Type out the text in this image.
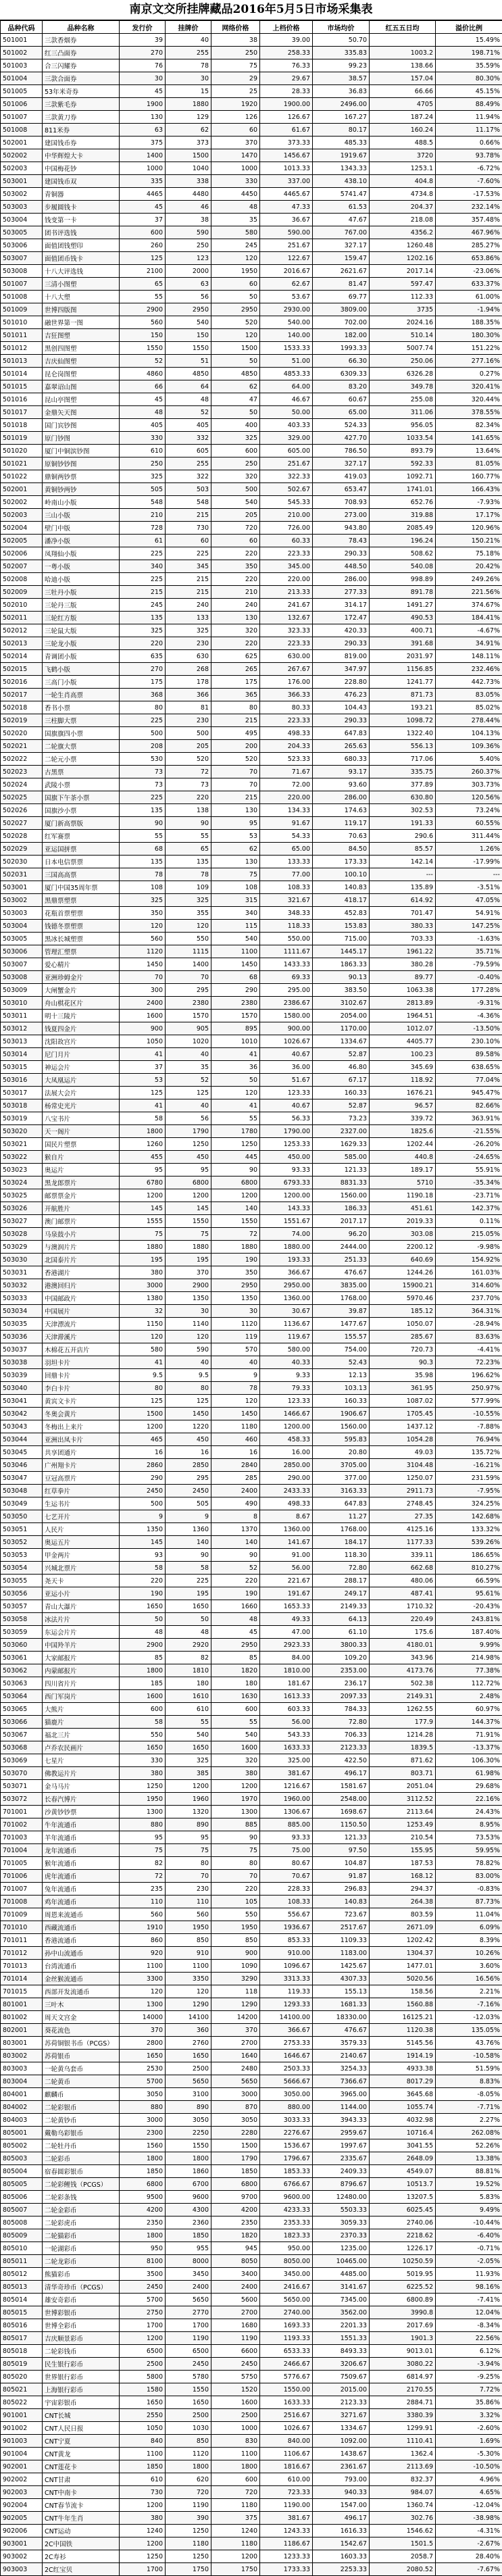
南京文交所挂牌藏品2016年5月5日市场采集表
品种代码	品种名称	发行价	挂牌价	网络价格	上档价格	市场均价	红五五日均	溢价比例
501001	三款香烟券	39	40	38	39.00	50.70		15.49%
501002	红三凸面券	270	255	250	258.33	335.83	1003.2	198.71%
501003	合三闪耀券	76	78	75	76.33	99.23	138.66	35.59%
501004	三款合面券	30	30	29	29.67	38.57	157.04	80.30%
501005	53年米奇券	45	15	25	28.33	36.83	66.66	45.15%
501006	三款紫毛券	1900	1880	1920	1900.00	2496.00	4705	88.49%
501007	三款黄刀券	130	129	126	126.67	167.27	187.24	11.94%
501008	811米券	63	62	60	61.67	80.17	160.24	11.17%
502001	建国钱币券	375	373	370	373.33	485.33	488.5	0.66%
502002	中华辉煌大卡	1400	1500	1470	1456.67	1919.67	3720	93.78%
502003	中国梅花钞	1000	1040	1000	1013.33	1343.33	1253.1	-6.72%
503001	建国钱币双	335	338	330	337.00	438.10	404.8	-7.60%
503002	青铜器	4465	4480	4450	4465.67	5741.47	4734.8	-17.53%
503003	步履圆钱卡	45	46	48	47.33	61.53	204.37	232.14%
503004	钱变第一卡	37	38	35	36.67	47.67	218.08	357.48%
503005	团书评选钱	600	590	580	590.00	767.00	4356.2	467.96%
503006	面值团钱塑印	260	250	245	251.67	327.17	1260.48	285.27%
503007	面值团币钱卡	125	123	120	122.67	159.47	1202.16	653.86%
503008	十八大评选钱	2100	2000	1950	2016.67	2621.67	2017.14	-23.06%
501007	三清小图塑	65	63	60	62.67	81.47	597.47	633.37%
501008	十八大塑	55	56	50	53.67	69.77	112.33	61.00%
501009	世博四版图	2900	2950	2950	2930.00	3809.00	3735	-1.94%
501010	融世界第一图	560	540	520	540.00	702.00	2024.16	188.35%
501011	吉狂图塑	150	150	120	140.00	182.00	510.14	180.30%
501012	黑创四图塑	1550	1550	1500	1533.33	1993.33	5007.74	151.22%
501013	吉庆仙图塑	52	51	50	51.00	66.30	250.06	277.16%
501014	昆仑岗图塑	4860	4850	4850	4853.33	6309.33	6326.28	0.27%
501015	嘉翠诏山图	66	64	62	64.00	83.20	349.78	320.41%
501016	昆山亭图塑	45	48	47	46.67	60.67	255.08	320.44%
501017	金鼎矢天图	48	52	50	50.00	65.00	311.06	378.55%
501018	国门宾钞图	405	405	400	403.33	524.33	956.05	82.34%
501019	原门钞图	330	332	325	329.00	427.70	1033.54	141.65%
501020	厦门中铜滨钞图	610	605	600	605.00	786.50	893.79	13.64%
501021	原铜钞钞图	250	255	250	251.67	327.17	592.33	81.05%
501022	鼎铜两钞票	325	322	320	322.33	419.03	1092.71	160.77%
502001	黄铜钞两钞	505	503	500	502.67	653.47	1741.01	166.43%
502002	岭南山小版	548	548	540	545.33	708.93	652.76	-7.93%
502003	三山小版	210	215	205	210.00	273.00	319.88	17.17%
502004	壁门中版	728	730	720	726.00	943.80	2085.49	120.96%
502005	潘净小版	61	60	60	60.33	78.43	196.24	150.21%
502006	凤翔仙小版	225	225	220	223.33	290.33	508.62	75.18%
502007	一粤小版	340	345	350	345.00	448.50	540.08	20.42%
502008	哈迪小版	225	215	220	220.00	286.00	998.89	249.26%
502009	三牡丹小版	215	215	210	213.33	277.33	891.78	221.56%
502010	三轮丹三版	245	240	240	241.67	314.17	1491.27	374.67%
502011	三轮红方版	135	133	130	132.67	172.47	490.53	184.41%
502012	三轮鼠大版	325	325	320	323.33	420.33	400.71	-4.67%
502013	三轮龙小版	220	230	220	223.33	290.33	391.68	34.91%
502014	青调团小版	635	630	625	630.00	819.00	2031.97	148.11%
502015	飞鹤小版	270	268	265	267.67	347.97	1156.85	232.46%
502016	三高门小版	175	178	175	176.00	228.80	1241.77	442.73%
502017	一轮生肖高票	368	366	365	366.33	476.23	871.73	83.05%
502018	香书小票	80	81	80	80.33	104.43	193.21	85.02%
502019	三柱脚大票	225	230	215	223.33	290.33	1098.72	278.44%
502020	国旗旗四小票	500	500	495	498.33	647.83	1322.40	104.13%
502021	二轮旗大票	208	205	200	204.33	265.63	556.13	109.36%
502022	二轮元小票	530	520	520	523.33	680.33	717.06	5.40%
502023	古黑票	73	72	70	71.67	93.17	335.75	260.37%
502024	武陵小票	73	73	70	72.00	93.60	377.89	303.73%
502025	国旗下午茶小票	225	220	215	220.00	286.00	630.80	120.56%
502026	国旗沙小票	135	138	130	134.33	174.63	302.53	73.24%
502027	厦门新高票版	90	90	95	91.67	119.17	191.33	60.55%
502028	红军赛票	55	55	53	54.33	70.63	290.6	311.44%
502029	亚运国拼票	68	65	62	65.00	84.50	85.57	1.26%
502030	日本电信票票	135	135	130	133.33	173.33	142.14	-17.99%
502031	三国高高票	78	78	75	77.00	100.10	---	---
503001	厦门中国35周年票	108	109	108	108.33	140.83	135.89	-3.51%
503002	黑鼎票塑票	325	325	315	321.67	418.17	614.92	47.05%
503003	花瓶首票塑票	350	355	340	348.33	452.83	701.47	54.91%
503004	钱德冬票塑票	120	120	115	118.33	153.83	380.33	147.25%
503005	黑冰长城塑票	560	550	540	550.00	715.00	703.33	-1.63%
503006	管理汇塑票	1120	1115	1100	1111.67	1445.17	1961.22	35.71%
503007	爱心精片	1450	1400	1450	1433.33	1863.33	380.28	-79.59%
503008	亚洲珍姆金片	70	70	68	69.33	90.13	89.77	-0.40%
503009	大闸蟹金片	300	295	290	295.00	383.50	1063.38	177.28%
503010	舟山棋花区片	2400	2380	2380	2386.67	3102.67	2813.89	-9.31%
503011	明十三陵片	1600	1570	1570	1580.00	2054.00	1964.51	-4.36%
503012	钱夏四金片	900	905	895	900.00	1170.00	1012.07	-13.50%
503013	沈阳故宫片	1050	1020	1010	1026.67	1334.67	4405.77	230.10%
503014	尼门月片	41	40	41	40.67	52.87	100.23	89.58%
503015	神运会片	37	35	36	36.00	46.80	345.69	638.65%
503016	大凤凰运片	53	52	50	51.67	67.17	118.92	77.04%
503017	法展大会片	125	125	120	123.33	160.33	1676.21	945.47%
503018	杨常史光片	41	40	41	40.67	52.87	96.57	82.66%
503019	八宝书片	58	56	55	56.33	73.23	339.72	363.91%
503020	天一阁片	1800	1790	1780	1790.00	2327.00	1825.6	-21.55%
503021	国民片塑票	1260	1250	1250	1253.33	1629.33	1202.44	-26.20%
503022	猴自片	455	450	445	450.00	585.00	440.8	-24.65%
503023	奥运片	95	95	90	93.33	121.33	189.17	55.91%
503024	黑龙郎票片	6780	6800	6800	6793.33	8831.33	5710	-35.34%
503025	邮票票金片	1200	1200	1200	1200.00	1560.00	1190.18	-23.71%
503026	开航胜片	145	145	140	143.33	186.33	451.61	142.37%
503027	澳门邮票片	1555	1550	1550	1551.67	2017.17	2019.33	0.11%
503028	马泉鼓小片	75	75	72	74.00	96.20	303.08	215.05%
503029	与澳润片片	1880	1880	1880	1880.00	2444.00	2200.12	-9.98%
503030	北国泰片片	195	195	190	193.33	251.33	640.69	154.92%
503031	香港湖片	380	370	350	366.67	476.67	1244.26	161.03%
503032	港澳回归片	3000	2900	2950	2950.00	3835.00	15900.21	314.60%
503033	中国邮政片	1380	1350	1350	1360.00	1768.00	5970.46	237.70%
503034	中国展片	32	30	30	30.67	39.87	185.12	364.31%
503035	天津漂流片	1150	1140	1120	1136.67	1477.67	1050.07	-28.94%
503036	天津滞溪片	120	120	119	119.67	155.57	285.67	83.63%
503037	木棉花五开店片	580	590	570	580.00	754.00	720.73	-4.41%
503038	羽坦卡片	41	40	40	40.33	52.43	90.3	72.23%
503039	回鼎卡片	9.5	9.5	9	9.33	12.13	35.98	196.62%
503040	李白卡片	80	80	78	79.33	103.13	361.95	250.97%
503041	黄宾文卡片	125	125	120	123.33	160.33	1087.02	577.99%
503042	冬奥会黄片	1500	1450	1450	1466.67	1906.67	1705.45	-10.55%
503043	冬梅出上来片	1200	1220	1180	1200.00	1560.00	1437.12	-7.88%
503044	亚洲出凤卡片	465	450	460	458.33	595.83	1054.28	76.94%
503045	共享团通片	16	16	16	16.00	20.80	49.03	135.72%
503046	广州翔卡片	2860	2850	2840	2850.00	3705.00	3104.48	-16.21%
503047	豆冠高票片	290	295	285	290.00	377.00	1250.07	231.59%
503048	红草拳片	2450	2450	2400	2433.33	3163.33	2911.73	-7.95%
503049	生运书片	500	505	490	498.33	647.83	2748.45	324.25%
503050	七艺开片	9	9	8	8.67	11.27	27.35	142.68%
503051	人民片	1350	1360	1370	1360.00	1768.00	4125.16	133.32%
503052	奥运五片	145	140	140	141.67	184.17	1177.33	539.26%
503053	甲金两片	93	90	90	91.00	118.30	339.11	186.65%
503054	兴城北票片	58	58	52	56.00	72.80	662.68	810.27%
503055	尧天卡	220	225	220	221.67	288.17	480.06	66.59%
503056	亚运小片	190	195	190	191.67	249.17	487.41	95.61%
503057	青山大瀑片	1650	1650	1660	1653.33	2149.33	1710.32	-20.43%
503058	冰法片片	50	50	48	49.33	64.13	220.49	243.81%
503059	东运会片片	48	48	45	47.00	61.10	175.6	187.40%
503060	中国羚羊片	2900	2920	2950	2923.33	3800.33	4180.01	9.99%
503061	大家邮报片	85	82	85	84.00	109.20	343.96	214.98%
503062	内蒙邮报片	1800	1810	1820	1810.00	2353.00	4173.76	77.38%
503063	四川省片片	185	180	180	181.67	236.17	502.38	112.72%
503064	西门军岗片	1600	1610	1630	1613.33	2097.33	2149.31	2.48%
503065	大熊片	600	610	600	603.33	784.33	1262.55	60.97%
503066	猫鹿片	58	55	55	56.00	72.80	177.9	144.37%
503067	福北三片	550	540	540	543.33	706.33	1214.28	71.91%
503068	卢乔农民画片	1650	1650	1600	1633.33	2123.33	1839.5	-13.37%
503069	七星片	330	325	320	325.00	422.50	871.62	106.30%
503070	佛教运片片	380	385	380	381.67	496.17	803.71	61.98%
503071	金马马片	1250	1200	1200	1216.67	1581.67	2051.04	29.68%
503072	长春汽博片	1950	1960	1970	1960.00	2548.00	3112.52	22.16%
701001	沙黄钞钞票	1300	1320	1300	1306.67	1698.67	2113.64	24.43%
701002	牛年流通币	880	890	885	885.00	1150.50	1253.49	8.95%
701003	羊年流通币	95	95	90	93.33	121.33	210.54	73.53%
701004	龙年流通币	75	75	75	75.00	97.50	155.95	59.95%
701005	猴年流通币	82	80	80	80.67	104.87	187.53	78.82%
701006	虎年流通币	72	70	70	70.67	91.87	168.12	83.00%
701007	兔年流通币	235	230	220	228.33	296.83	294.37	-0.83%
701008	鸡年流通币	110	110	105	108.33	140.83	264.38	87.73%
701009	周恩来流通币	560	560	550	556.67	723.67	803.59	11.04%
701010	西藏流通币	1910	1950	1950	1936.67	2517.67	2671.09	6.09%
701011	香港流通币	860	850	850	853.33	1109.33	1202.42	8.39%
701012	孙中山流通币	920	910	900	910.00	1183.00	1304.37	10.26%
701013	台湾流通币	1100	1100	1090	1096.67	1425.67	1477.01	3.60%
701014	金丝猴流通币	3300	3350	3290	3313.33	4307.33	5020.56	16.56%
701015	西部开发流通币	120	120	118	119.33	155.13	158.56	2.21%
801001	三叶木	1300	1290	1290	1293.33	1681.33	1560.88	-7.16%
801002	周天文宫金	14000	14100	14200	14100.00	18330.00	16125.21	-12.03%
802001	葵花流色	370	360	370	366.67	476.67	1120.38	135.05%
803001	苏荷铜银书币（PCGS）	2800	2760	2700	2753.33	3579.33	5145.56	43.76%
803002	苏荷银币	1650	1650	1640	1646.67	2140.67	1914.19	-10.58%
803003	一轮黄乌套币	2530	2500	2480	2503.33	3254.33	4933.38	51.59%
803004	二轮黄币	5700	5650	5650	5666.67	7366.67	8017.29	8.83%
804001	麒麟币	3050	3100	3000	3050.00	3965.00	3645.68	-8.05%
804002	二轮彩银币	880	890	870	880.00	1144.00	1055.74	-7.71%
804003	二轮黄钞币	3000	3050	3050	3033.33	3943.33	4032.98	2.27%
805001	戴勒乌彩银币	2300	2250	2280	2276.67	2959.67	10716.4	262.08%
805002	二轮牡丹币	1560	1550	1500	1536.67	1997.67	3041.55	52.26%
805003	二轮彩币	1800	1800	1790	1796.67	2335.67	2648.09	13.38%
805004	宿春圆彩银币	1850	1860	1850	1853.33	2409.33	4549.07	88.81%
805005	二轮彩鲤钱（PCGS）	6800	6700	6800	6766.67	8796.67	10513.7	19.52%
805006	二轮彩条钱	9500	9600	9700	9600.00	12480.00	13207.5	5.83%
805007	二轮金彩币	4200	4300	4200	4233.33	5503.33	6025.45	9.49%
805008	二轮彩虎币	2350	2360	2350	2353.33	3059.33	2740.06	-10.44%
805009	二轮猫彩币	1800	1850	1820	1823.33	2370.33	2218.62	-6.40%
805010	一轮湖彩币	950	955	945	950.00	1235.00	1226.17	-0.71%
805011	二轮龙彩币	8100	8000	8050	8050.00	10465.00	10250.59	-2.05%
805012	熊猫彩币	3500	3450	3400	3450.00	4485.00	5019.95	11.93%
805013	清华奇珍币（PCGS）	2450	2400	2400	2416.67	3141.67	6225.52	98.16%
805014	雄安奇彩币	5700	5650	5600	5650.00	7345.00	6800.89	-7.41%
805015	世博彩银币	2750	2770	2700	2740.00	3562.00	3990.8	12.04%
805016	世博全彩币	1700	1700	1680	1693.33	2201.33	2017.69	-8.34%
805017	吉庆顺景彩币	1200	1190	1190	1193.33	1551.33	1901.3	22.56%
805018	二轮彩钱币	6500	6500	6600	6533.33	8493.33	9013.01	6.12%
805019	民生银行彩币	2500	2450	2450	2466.67	3206.67	3080.22	-3.94%
805020	世界银行彩币	5800	5780	5750	5776.67	7509.67	6814.97	-9.25%
805021	上海银行彩币	1580	1550	1520	1550.00	2015.00	2170.55	7.72%
805022	宇宙彩银币	1650	1650	1600	1633.33	2123.33	2884.71	35.86%
901001	CNT长城	2550	2500	2500	2516.67	3271.67	3380.39	3.32%
901002	CNT人民日报	1050	1030	1000	1026.67	1334.67	1299.91	-2.60%
901003	CNT宁夏	840	850	830	840.00	1092.00	1110.41	1.69%
901004	CNT黄龙	1100	1120	1100	1106.67	1438.67	1362.4	-5.30%
902001	CNT莲花卡	1850	1800	1800	1816.67	2361.67	2113.69	-10.50%
902002	CNT甘肃	610	620	600	610.00	793.00	832.37	4.96%
902003	CNT中南卡	730	720	720	723.33	940.33	984.07	4.65%
902004	CNT春节流卡	1200	1190	1180	1190.00	1547.00	1360.74	-12.04%
902005	CNT牛年生肖	380	390	375	381.67	496.17	302.76	-38.98%
902006	CNT运动	1240	1250	1240	1243.33	1616.33	1546.62	-4.31%
903001	2C中国铁	1200	1180	1180	1186.67	1542.67	1501.5	-2.67%
903002	2C寿衫	1250	1250	1200	1233.33	1603.33	2058.7	28.40%
903003	2C红宝贝	1700	1750	1750	1733.33	2253.33	2080.52	-7.67%
